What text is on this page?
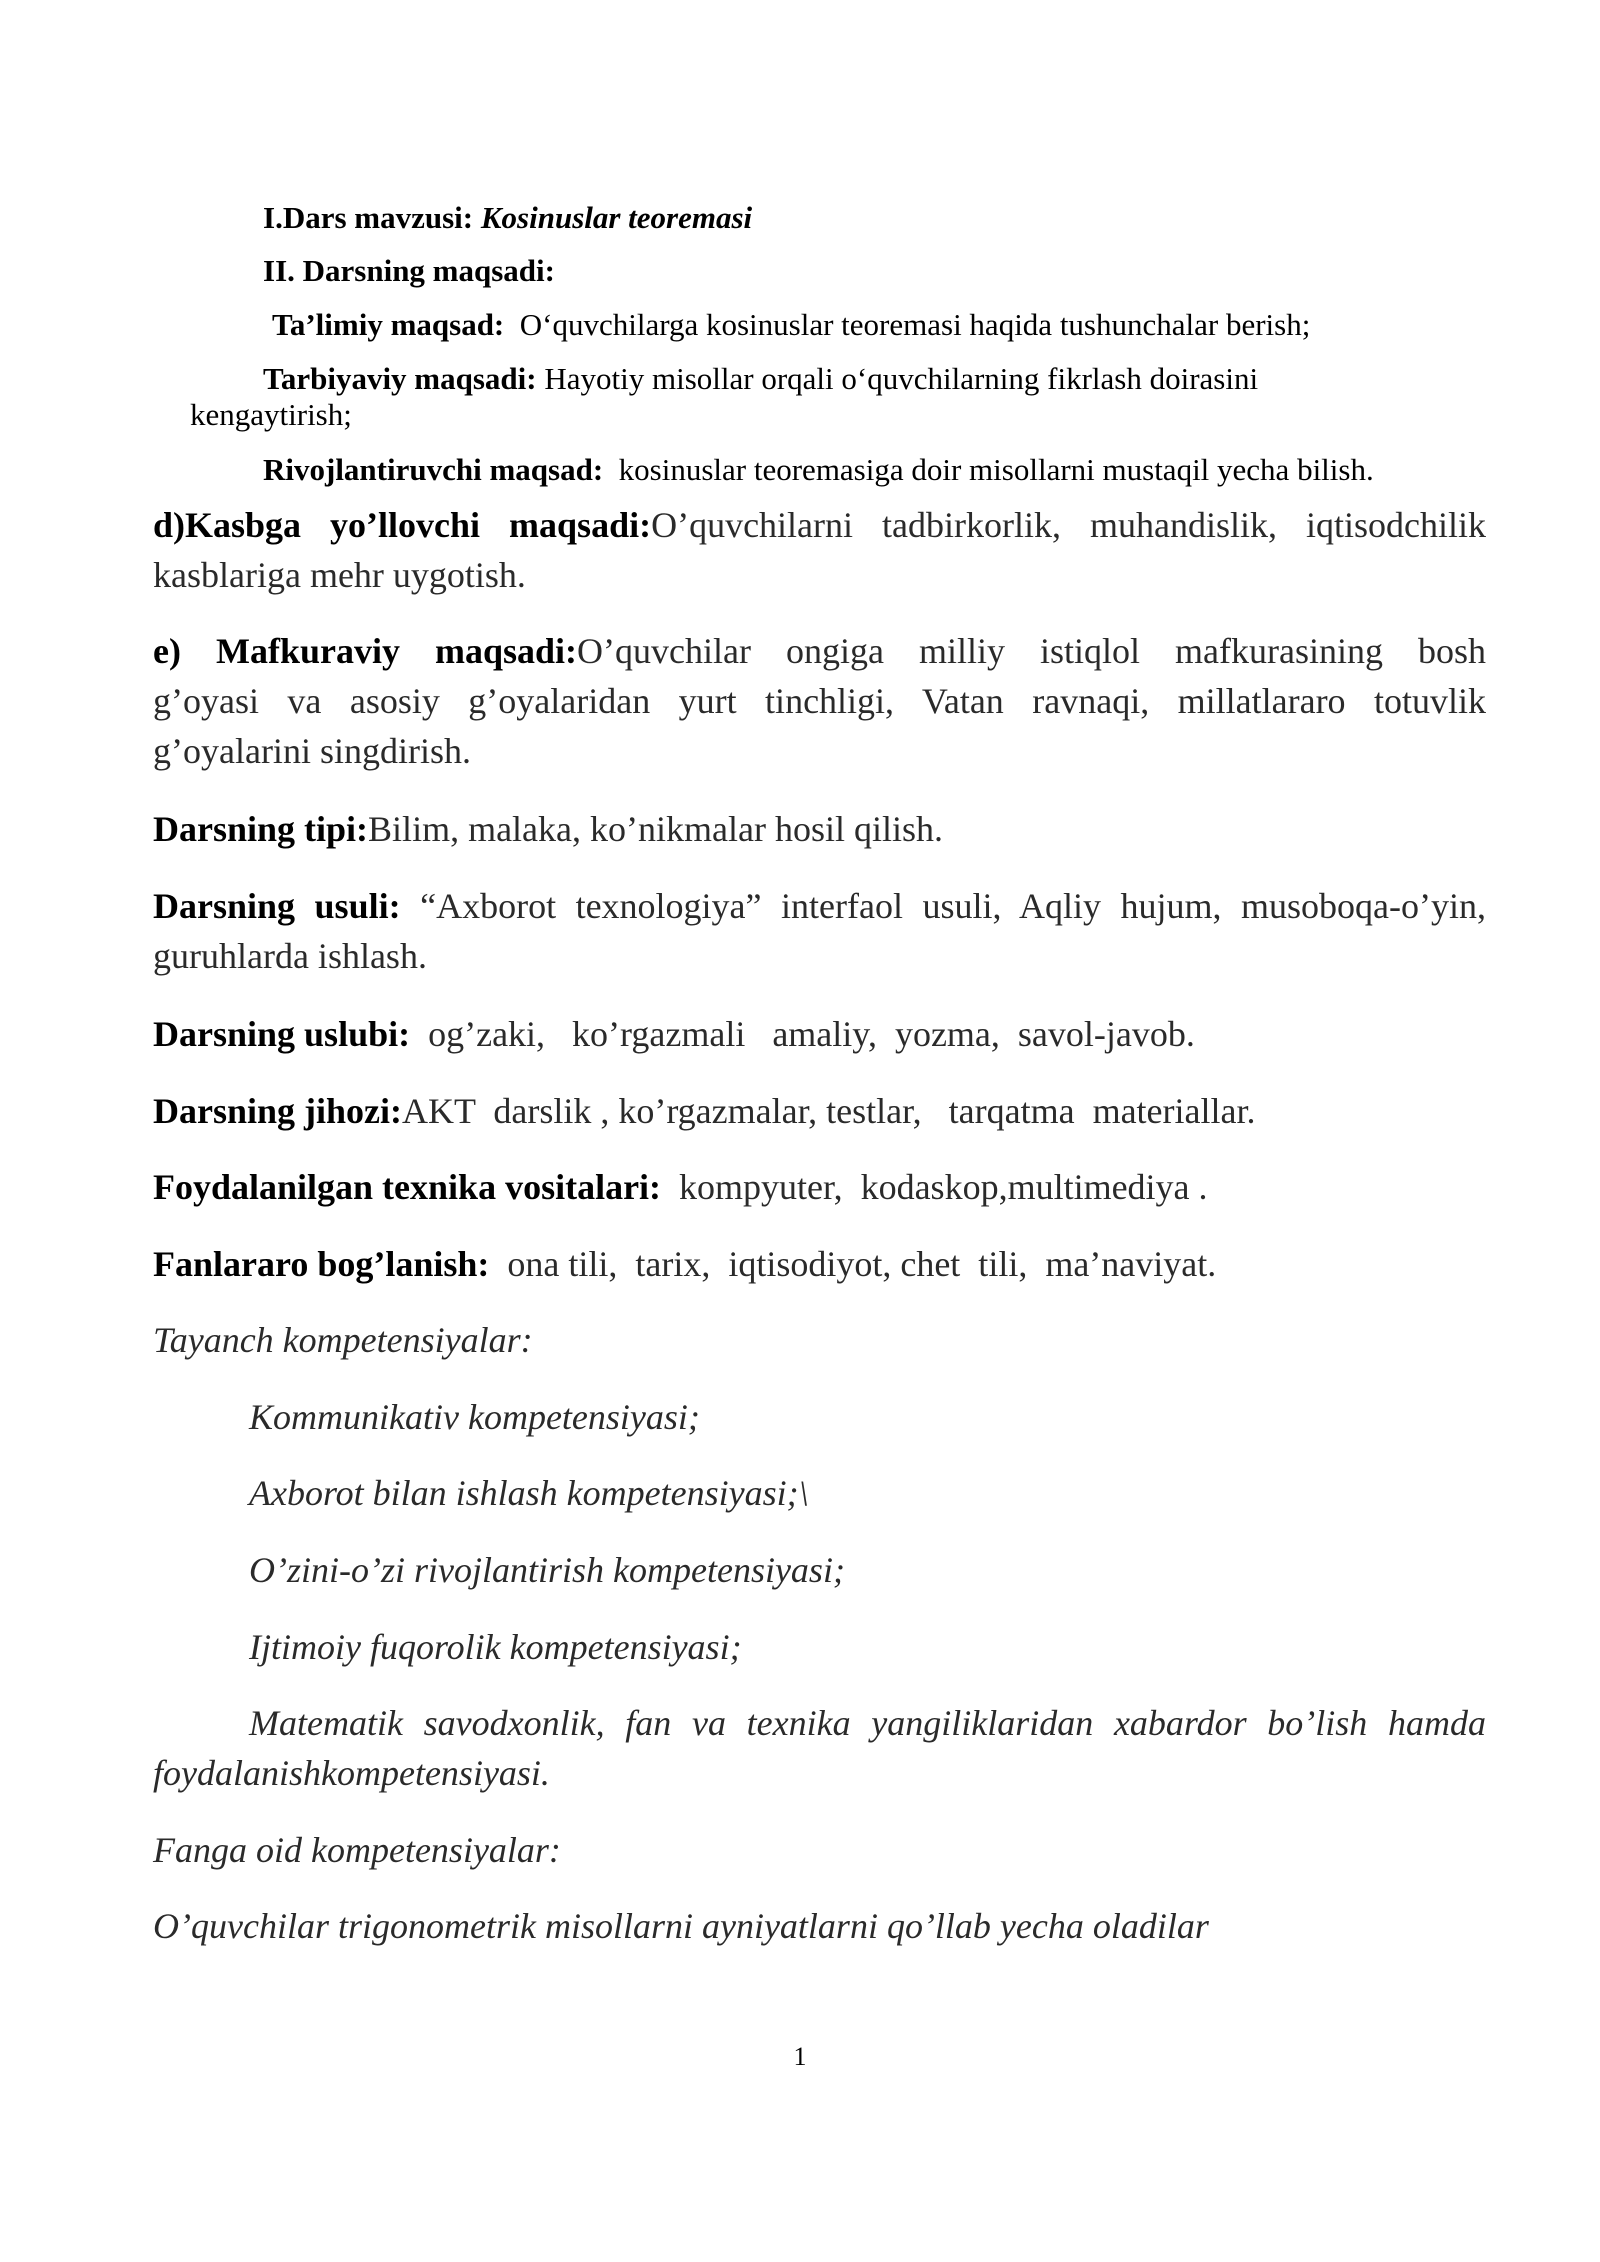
I.Dars mavzusi: Kosinuslar teoremasi
II. Darsning maqsadi:
Ta’limiy maqsad: O‘quvchilarga kosinuslar teoremasi haqida tushunchalar berish;
Tarbiyaviy maqsadi: Hayotiy misollar orqali o‘quvchilarning fikrlash doirasini
kengaytirish;
Rivojlantiruvchi maqsad: kosinuslar teoremasiga doir misollarni mustaqil yecha bilish.
d)Kasbga yo’llovchi maqsadi:O’quvchilarni tadbirkorlik, muhandislik, iqtisodchilik
kasblariga mehr uygotish.
e) Mafkuraviy maqsadi:O’quvchilar ongiga milliy istiqlol mafkurasining bosh
g’oyasi va asosiy g’oyalaridan yurt tinchligi, Vatan ravnaqi, millatlararo totuvlik
g’oyalarini singdirish.
Darsning tipi:Bilim, malaka, ko’nikmalar hosil qilish.
Darsning usuli: “Axborot texnologiya” interfaol usuli, Aqliy hujum, musoboqa-o’yin,
guruhlarda ishlash.
Darsning uslubi:  og’zaki,   ko’rgazmali   amaliy,  yozma,  savol-javob.
Darsning jihozi:AKT  darslik , ko’rgazmalar, testlar,   tarqatma  materiallar.
Foydalanilgan texnika vositalari:  kompyuter,  kodaskop,multimediya .
Fanlararo bog’lanish:  ona tili,  tarix,  iqtisodiyot, chet  tili,  ma’naviyat.
Tayanch kompetensiyalar:
Kommunikativ kompetensiyasi;
Axborot bilan ishlash kompetensiyasi;\
O’zini-o’zi rivojlantirish kompetensiyasi;
Ijtimoiy fuqorolik kompetensiyasi;
Matematik savodxonlik, fan va texnika yangiliklaridan xabardor bo’lish hamda
foydalanishkompetensiyasi.
Fanga oid kompetensiyalar:
O’quvchilar trigonometrik misollarni ayniyatlarni qo’llab yecha oladilar
1
